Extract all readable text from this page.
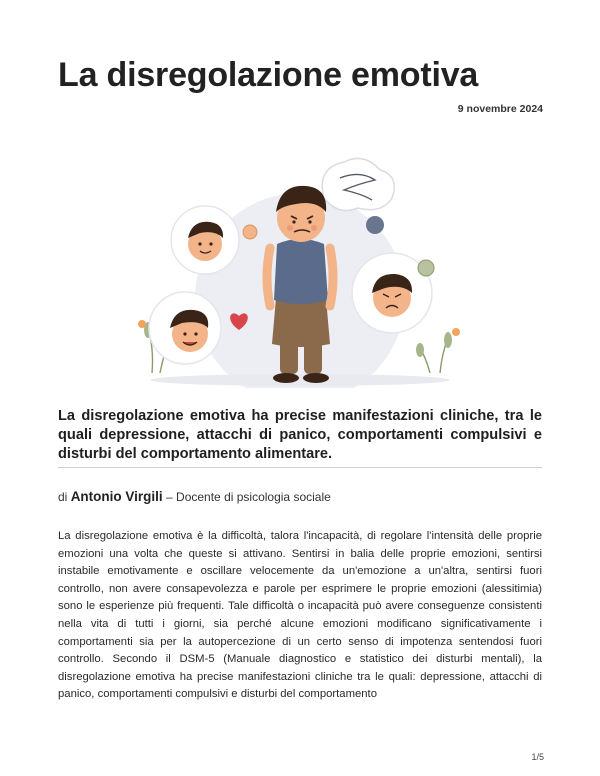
La disregolazione emotiva
9 novembre 2024

La disregolazione emotiva ha precise manifestazioni cliniche, tra le quali depressione, attacchi di panico, comportamenti compulsivi e disturbi del comportamento alimentare.

di Antonio Virgili – Docente di psicologia sociale

La disregolazione emotiva è la difficoltà, talora l'incapacità, di regolare l'intensità delle proprie emozioni una volta che queste si attivano. Sentirsi in balia delle proprie emozioni, sentirsi instabile emotivamente e oscillare velocemente da un'emozione a un'altra, sentirsi fuori controllo, non avere consapevolezza e parole per esprimere le proprie emozioni (alessitimia) sono le esperienze più frequenti. Tale difficoltà o incapacità può avere conseguenze consistenti nella vita di tutti i giorni, sia perché alcune emozioni modificano significativamente i comportamenti sia per la autopercezione di un certo senso di impotenza sentendosi fuori controllo. Secondo il DSM-5 (Manuale diagnostico e statistico dei disturbi mentali), la disregolazione emotiva ha precise manifestazioni cliniche tra le quali: depressione, attacchi di panico, comportamenti compulsivi e disturbi del comportamento

1/5
